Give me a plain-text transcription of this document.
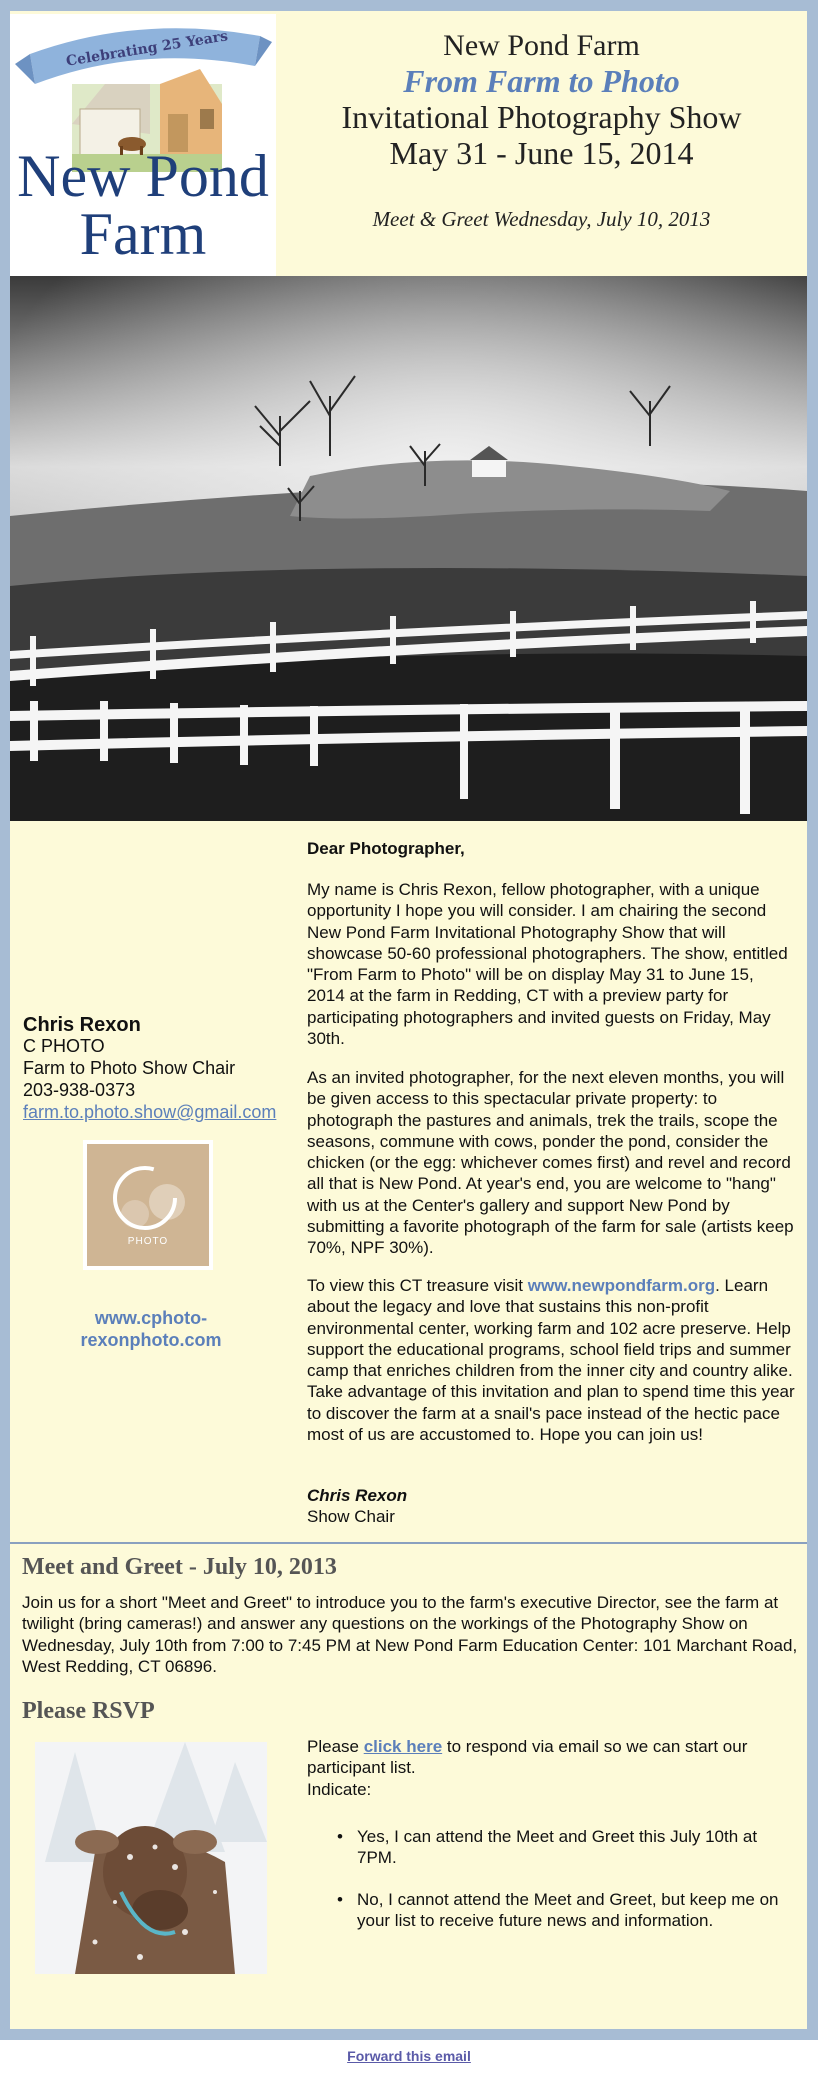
Celebrating 25 Years
New Pond
Farm
New Pond Farm
From Farm to Photo
Invitational Photography Show
May 31 - June 15, 2014
Meet & Greet Wednesday, July 10, 2013
Chris Rexon
C PHOTO
Farm to Photo Show Chair
203-938-0373
farm.to.photo.show@gmail.com
PHOTO
www.cphoto-
rexonphoto.com
Dear Photographer,
My name is Chris Rexon, fellow photographer, with a unique opportunity I hope you will consider. I am chairing the second New Pond Farm Invitational Photography Show that will showcase 50-60 professional photographers. The show, entitled "From Farm to Photo" will be on display May 31 to June 15, 2014 at the farm in Redding, CT with a preview party for participating photographers and invited guests on Friday, May 30th.
As an invited photographer, for the next eleven months, you will be given access to this spectacular private property: to photograph the pastures and animals, trek the trails, scope the seasons, commune with cows, ponder the pond, consider the chicken (or the egg: whichever comes first) and revel and record all that is New Pond. At year's end, you are welcome to "hang" with us at the Center's gallery and support New Pond by submitting a favorite photograph of the farm for sale (artists keep 70%, NPF 30%).
To view this CT treasure visit www.newpondfarm.org. Learn about the legacy and love that sustains this non-profit environmental center, working farm and 102 acre preserve. Help support the educational programs, school field trips and summer camp that enriches children from the inner city and country alike. Take advantage of this invitation and plan to spend time this year to discover the farm at a snail's pace instead of the hectic pace most of us are accustomed to. Hope you can join us!
Chris Rexon
Show Chair
Meet and Greet - July 10, 2013
Join us for a short "Meet and Greet" to introduce you to the farm's executive Director, see the farm at twilight (bring cameras!) and answer any questions on the workings of the Photography Show on Wednesday, July 10th from 7:00 to 7:45 PM at New Pond Farm Education Center: 101 Marchant Road, West Redding, CT 06896.
Please RSVP
Please click here to respond via email so we can start our participant list.
Indicate:
• Yes, I can attend the Meet and Greet this July 10th at 7PM.
• No, I cannot attend the Meet and Greet, but keep me on your list to receive future news and information.
Forward this email
